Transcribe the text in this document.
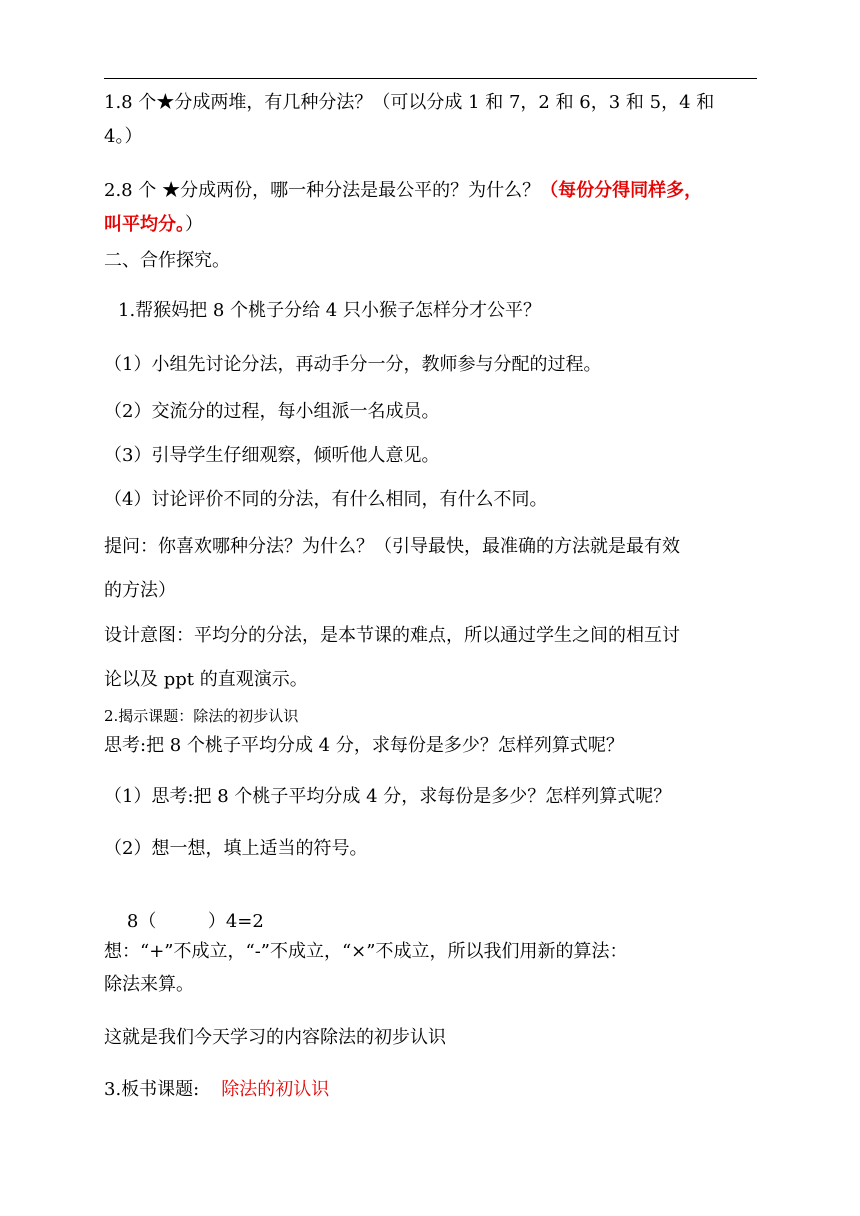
1.8 个★分成两堆，有几种分法？（可以分成 1 和 7，2 和 6，3 和 5，4 和
4。）
2.8 个 ★分成两份，哪一种分法是最公平的？为什么？（每份分得同样多，
叫平均分。）
二、合作探究。
1.帮猴妈把 8 个桃子分给 4 只小猴子怎样分才公平？
（1）小组先讨论分法，再动手分一分，教师参与分配的过程。
（2）交流分的过程，每小组派一名成员。
（3）引导学生仔细观察，倾听他人意见。
（4）讨论评价不同的分法，有什么相同，有什么不同。
提问：你喜欢哪种分法？为什么？（引导最快，最准确的方法就是最有效
的方法）
设计意图：平均分的分法，是本节课的难点，所以通过学生之间的相互讨
论以及 ppt 的直观演示。
2.揭示课题：除法的初步认识
思考:把 8 个桃子平均分成 4 分，求每份是多少？怎样列算式呢？
（1）思考:把 8 个桃子平均分成 4 分，求每份是多少？怎样列算式呢？
（2）想一想，填上适当的符号。

8（         ）4=2

想：“+”不成立，“-”不成立，“×”不成立，所以我们用新的算法：
除法来算。
这就是我们今天学习的内容除法的初步认识
3.板书课题: 除法的初认识
